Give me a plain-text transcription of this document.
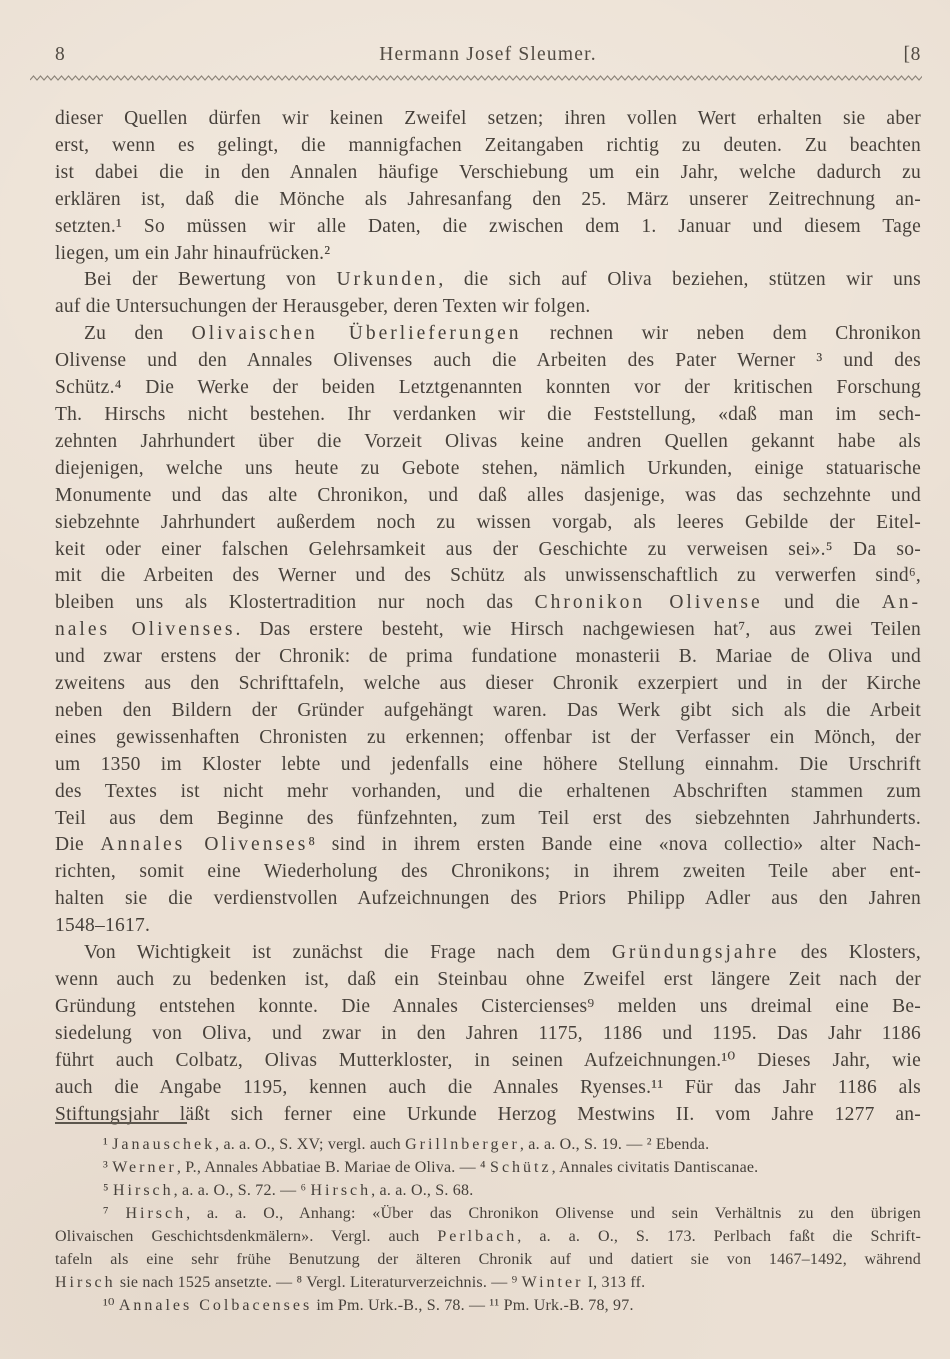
8	Hermann Josef Sleumer.	[8
dieser Quellen dürfen wir keinen Zweifel setzen; ihren vollen Wert erhalten sie aber
erst, wenn es gelingt, die mannigfachen Zeitangaben richtig zu deuten. Zu beachten
ist dabei die in den Annalen häufige Verschiebung um ein Jahr, welche dadurch zu
erklären ist, daß die Mönche als Jahresanfang den 25. März unserer Zeitrechnung an-
setzten.¹ So müssen wir alle Daten, die zwischen dem 1. Januar und diesem Tage
liegen, um ein Jahr hinaufrücken.²
Bei der Bewertung von Urkunden, die sich auf Oliva beziehen, stützen wir uns
auf die Untersuchungen der Herausgeber, deren Texten wir folgen.
Zu den Olivaischen Überlieferungen rechnen wir neben dem Chronikon
Olivense und den Annales Olivenses auch die Arbeiten des Pater Werner ³ und des
Schütz.⁴ Die Werke der beiden Letztgenannten konnten vor der kritischen Forschung
Th. Hirschs nicht bestehen. Ihr verdanken wir die Feststellung, «daß man im sech-
zehnten Jahrhundert über die Vorzeit Olivas keine andren Quellen gekannt habe als
diejenigen, welche uns heute zu Gebote stehen, nämlich Urkunden, einige statuarische
Monumente und das alte Chronikon, und daß alles dasjenige, was das sechzehnte und
siebzehnte Jahrhundert außerdem noch zu wissen vorgab, als leeres Gebilde der Eitel-
keit oder einer falschen Gelehrsamkeit aus der Geschichte zu verweisen sei».⁵ Da so-
mit die Arbeiten des Werner und des Schütz als unwissenschaftlich zu verwerfen sind⁶,
bleiben uns als Klostertradition nur noch das Chronikon Olivense und die An-
nales Olivenses. Das erstere besteht, wie Hirsch nachgewiesen hat⁷, aus zwei Teilen
und zwar erstens der Chronik: de prima fundatione monasterii B. Mariae de Oliva und
zweitens aus den Schrifttafeln, welche aus dieser Chronik exzerpiert und in der Kirche
neben den Bildern der Gründer aufgehängt waren. Das Werk gibt sich als die Arbeit
eines gewissenhaften Chronisten zu erkennen; offenbar ist der Verfasser ein Mönch, der
um 1350 im Kloster lebte und jedenfalls eine höhere Stellung einnahm. Die Urschrift
des Textes ist nicht mehr vorhanden, und die erhaltenen Abschriften stammen zum
Teil aus dem Beginne des fünfzehnten, zum Teil erst des siebzehnten Jahrhunderts.
Die Annales Olivenses⁸ sind in ihrem ersten Bande eine «nova collectio» alter Nach-
richten, somit eine Wiederholung des Chronikons; in ihrem zweiten Teile aber ent-
halten sie die verdienstvollen Aufzeichnungen des Priors Philipp Adler aus den Jahren
1548–1617.
Von Wichtigkeit ist zunächst die Frage nach dem Gründungsjahre des Klosters,
wenn auch zu bedenken ist, daß ein Steinbau ohne Zweifel erst längere Zeit nach der
Gründung entstehen konnte. Die Annales Cistercienses⁹ melden uns dreimal eine Be-
siedelung von Oliva, und zwar in den Jahren 1175, 1186 und 1195. Das Jahr 1186
führt auch Colbatz, Olivas Mutterkloster, in seinen Aufzeichnungen.¹⁰ Dieses Jahr, wie
auch die Angabe 1195, kennen auch die Annales Ryenses.¹¹ Für das Jahr 1186 als
Stiftungsjahr läßt sich ferner eine Urkunde Herzog Mestwins II. vom Jahre 1277 an-
¹ Janauschek, a. a. O., S. XV; vergl. auch Grillnberger, a. a. O., S. 19. — ² Ebenda.
³ Werner, P., Annales Abbatiae B. Mariae de Oliva. — ⁴ Schütz, Annales civitatis Dantiscanae.
⁵ Hirsch, a. a. O., S. 72. — ⁶ Hirsch, a. a. O., S. 68.
⁷ Hirsch, a. a. O., Anhang: «Über das Chronikon Olivense und sein Verhältnis zu den übrigen
Olivaischen Geschichtsdenkmälern». Vergl. auch Perlbach, a. a. O., S. 173. Perlbach faßt die Schrift-
tafeln als eine sehr frühe Benutzung der älteren Chronik auf und datiert sie von 1467–1492, während
Hirsch sie nach 1525 ansetzte. — ⁸ Vergl. Literaturverzeichnis. — ⁹ Winter I, 313 ff.
¹⁰ Annales Colbacenses im Pm. Urk.-B., S. 78. — ¹¹ Pm. Urk.-B. 78, 97.
